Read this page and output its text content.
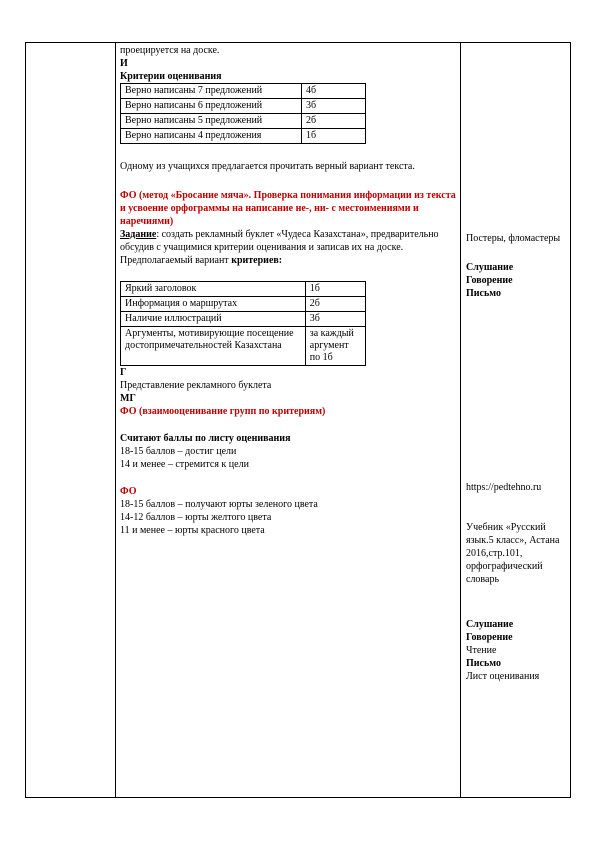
проецируется на доске.

И

Критерии оценивания

Верно написаны 7 предложений	4б
Верно написаны 6 предложений	3б
Верно написаны 5 предложений	2б
Верно написаны 4 предложения	1б

Одному из учащихся предлагается прочитать верный вариант текста.

ФО (метод «Бросание мяча». Проверка понимания информации из текста и усвоение орфограммы на написание не-, ни- с местоимениями и наречиями)

Задание: создать рекламный буклет «Чудеса Казахстана», предварительно обсудив с учащимися критерии оценивания и записав их на доске.

Предполагаемый вариант критериев:

Яркий заголовок	1б
Информация о маршрутах	2б
Наличие иллюстраций	3б
Аргументы, мотивирующие посещение достопримечательностей Казахстана	за каждый аргумент по 1б

Г

Представление рекламного буклета

МГ

ФО (взаимооценивание групп по критериям)

Считают баллы по листу оценивания

18-15 баллов – достиг цели

14 и менее – стремится к цели

ФО

18-15 баллов – получают юрты зеленого цвета

14-12 баллов – юрты желтого цвета

11 и менее – юрты красного цвета

Постеры, фломастеры

Слушание

Говорение

Письмо

https://pedtehno.ru

Учебник «Русский язык.5 класс», Астана 2016,стр.101, орфографический словарь

Слушание

Говорение

Чтение

Письмо

Лист оценивания
